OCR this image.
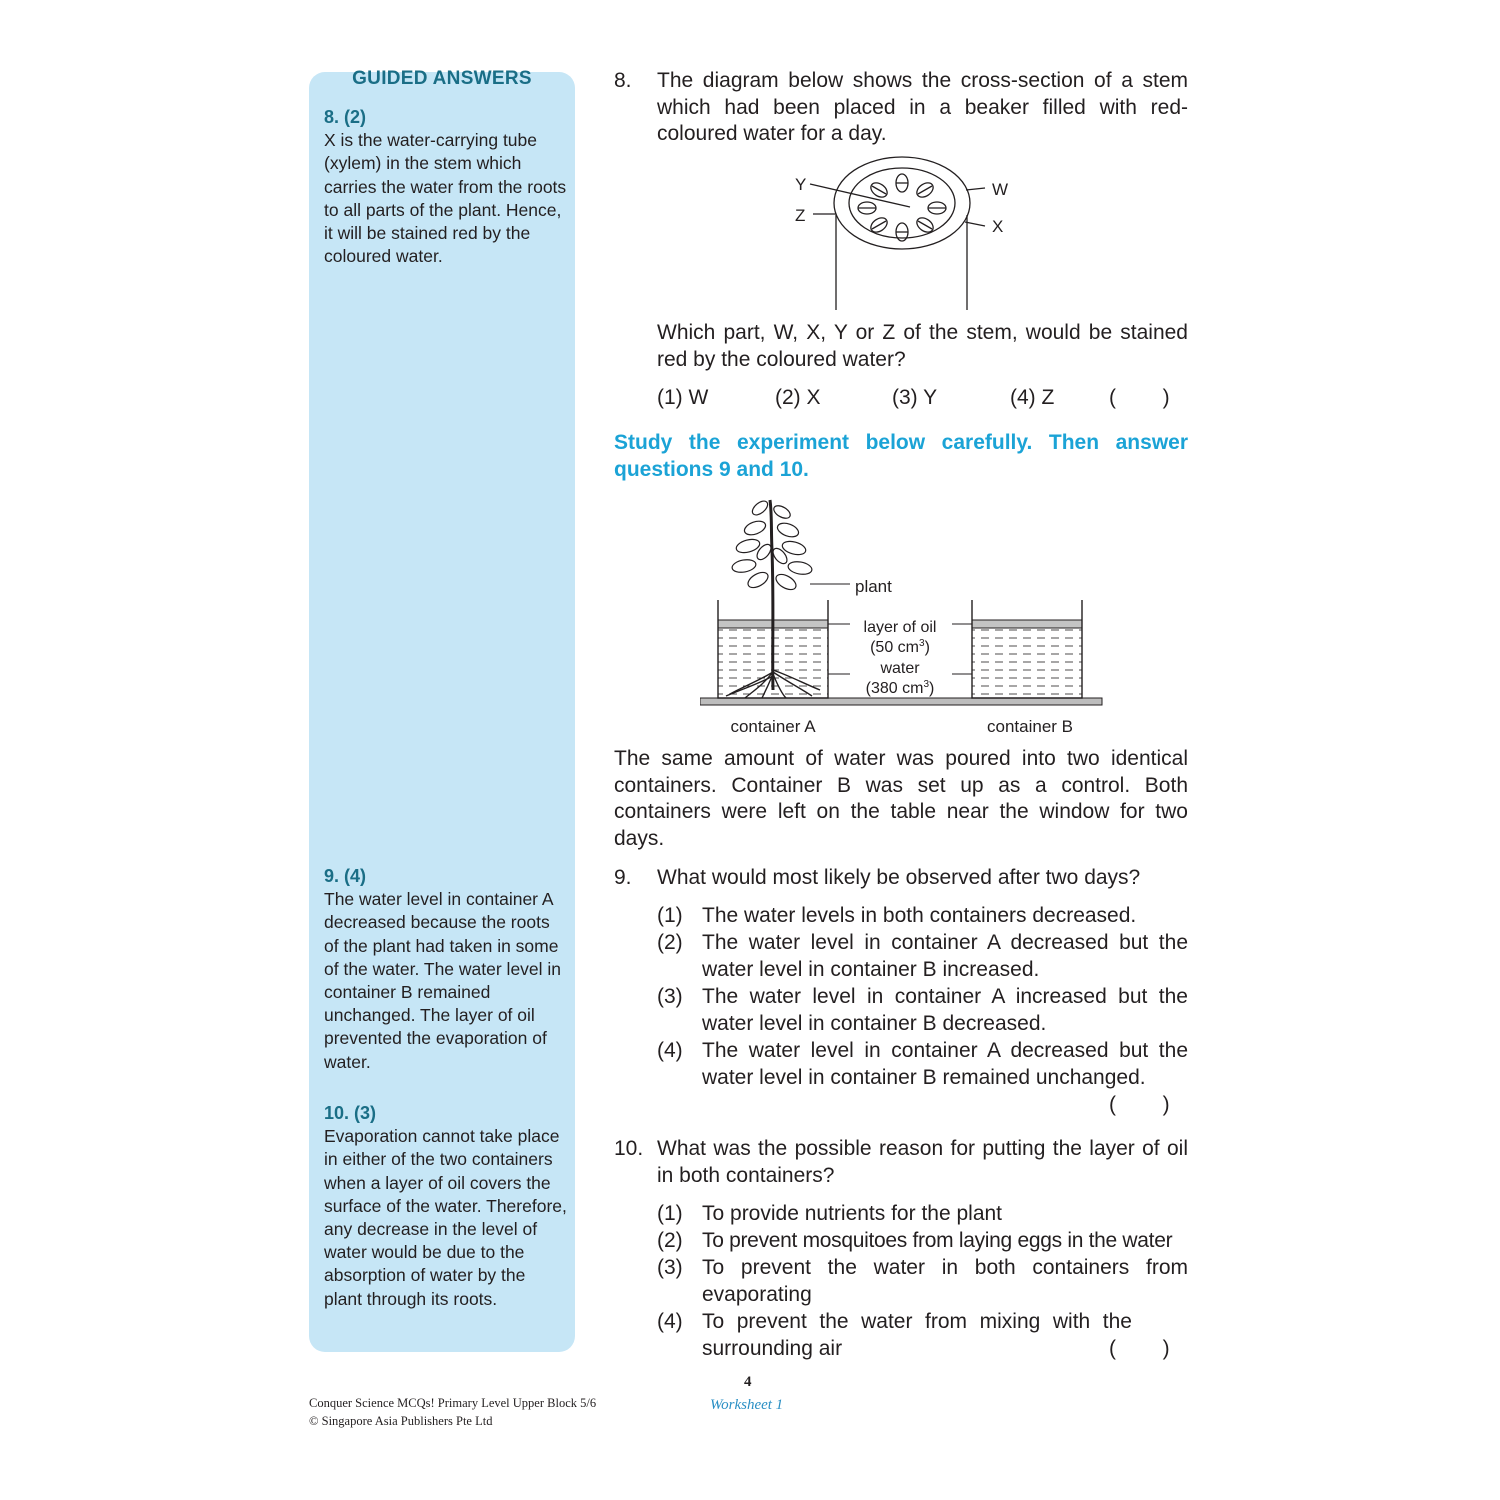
GUIDED ANSWERS
8. (2)

X is the water-carrying tube (xylem) in the stem which carries the water from the roots to all parts of the plant. Hence, it will be stained red by the coloured water.

9. (4)

The water level in container A decreased because the roots of the plant had taken in some of the water. The water level in container B remained unchanged. The layer of oil prevented the evaporation of water.

10. (3)

Evaporation cannot take place in either of the two containers when a layer of oil covers the surface of the water. Therefore, any decrease in the level of water would be due to the absorption of water by the plant through its roots.

8. The diagram below shows the cross-section of a stem which had been placed in a beaker filled with red-coloured water for a day.
Y
Z
W
X
Which part, W, X, Y or Z of the stem, would be stained red by the coloured water?
(1) W	(2) X	(3) Y	(4) Z	(        )
Study the experiment below carefully. Then answer questions 9 and 10.
plant
layer of oil
(50 $cm^3$)
water
(380 $cm^3$)
container A	container B
The same amount of water was poured into two identical containers. Container B was set up as a control. Both containers were left on the table near the window for two days.
9. What would most likely be observed after two days?
(1) The water levels in both containers decreased.
(2) The water level in container A decreased but the water level in container B increased.
(3) The water level in container A increased but the water level in container B decreased.
(4) The water level in container A decreased but the water level in container B remained unchanged.
(        )
10. What was the possible reason for putting the layer of oil in both containers?
(1) To provide nutrients for the plant
(2) To prevent mosquitoes from laying eggs in the water
(3) To prevent the water in both containers from evaporating
(4) To prevent the water from mixing with the surrounding air	(        )
Conquer Science MCQs! Primary Level Upper Block 5/6
© Singapore Asia Publishers Pte Ltd
4
Worksheet 1
